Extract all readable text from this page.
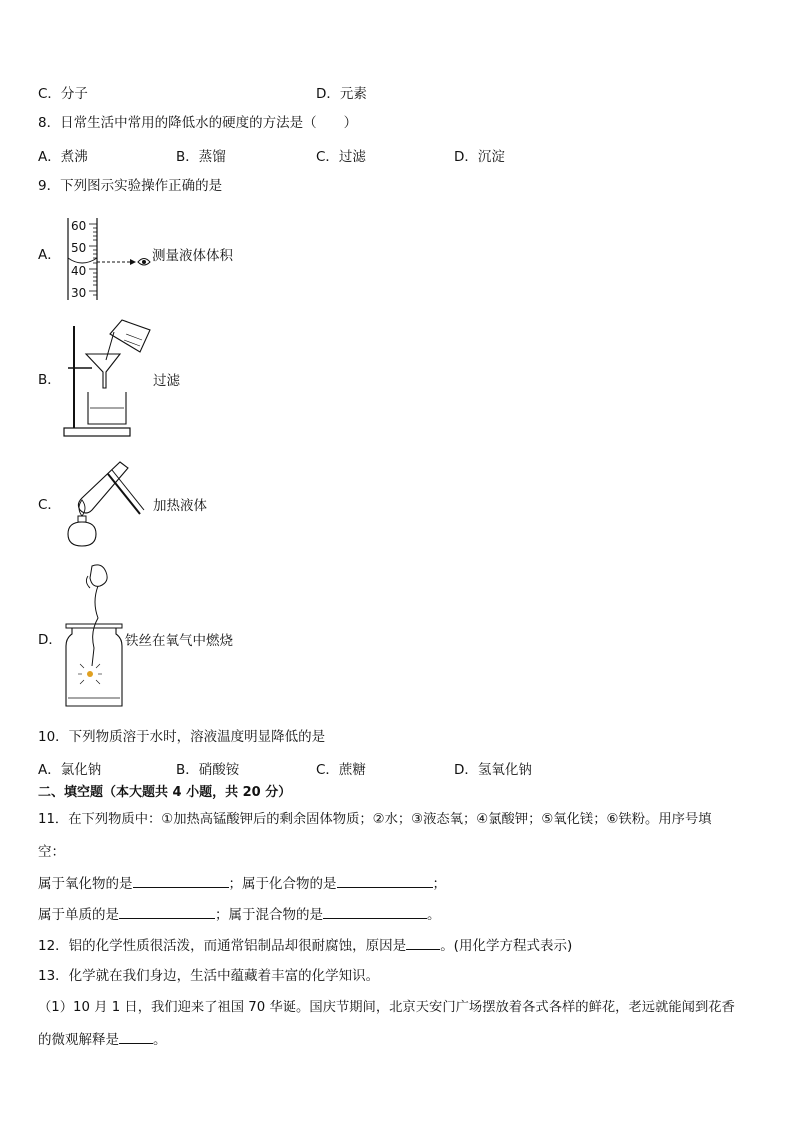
C．分子	D．元素
8．日常生活中常用的降低水的硬度的方法是（　　）
A．煮沸	B．蒸馏	C．过滤	D．沉淀
9．下列图示实验操作正确的是
A．
60
50
40
30
测量液体体积
B．	过滤
C．	加热液体
D．	铁丝在氧气中燃烧
10．下列物质溶于水时，溶液温度明显降低的是
A．氯化钠	B．硝酸铵	C．蔗糖	D．氢氧化钠
二、填空题（本大题共 4 小题，共 20 分）
11．在下列物质中：①加热高锰酸钾后的剩余固体物质；②水；③液态氧；④氯酸钾；⑤氧化镁；⑥铁粉。用序号填
空：
属于氧化物的是	；属于化合物的是	；
属于单质的是	；属于混合物的是	。
12．铝的化学性质很活泼，而通常铝制品却很耐腐蚀，原因是	。(用化学方程式表示)
13．化学就在我们身边，生活中蕴藏着丰富的化学知识。
（1）10 月 1 日，我们迎来了祖国 70 华诞。国庆节期间，北京天安门广场摆放着各式各样的鲜花，老远就能闻到花香
的微观解释是	。
